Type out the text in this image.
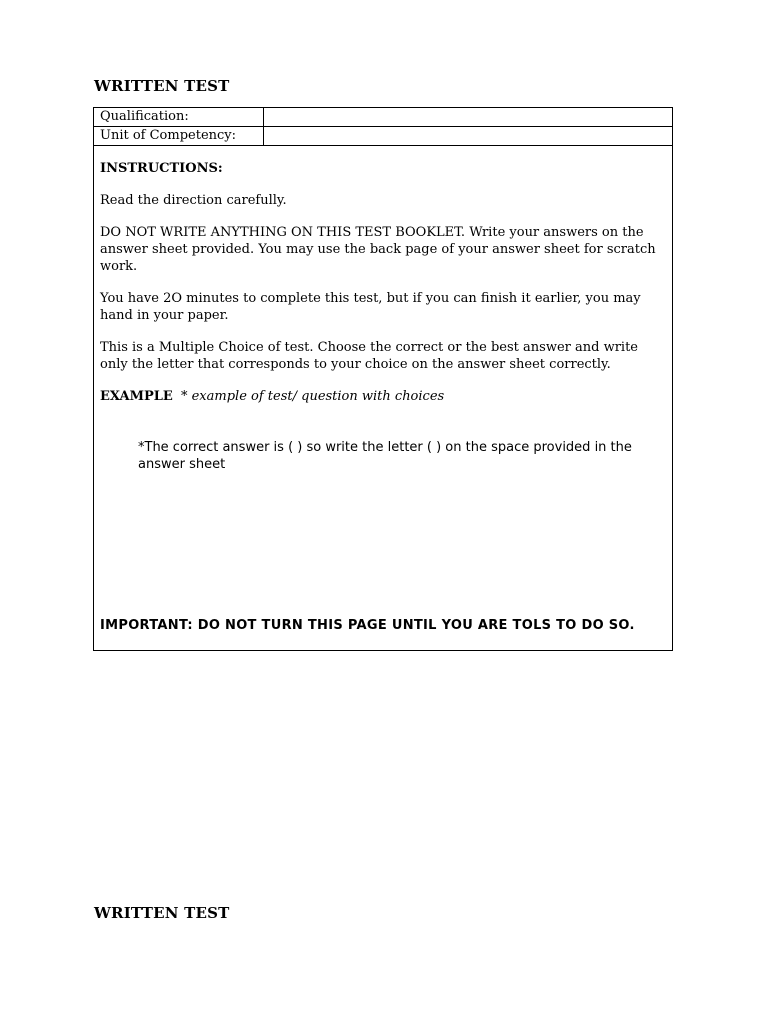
WRITTEN TEST
Qualification:
Unit of Competency:

INSTRUCTIONS:

Read the direction carefully.

DO NOT WRITE ANYTHING ON THIS TEST BOOKLET. Write your answers on the answer sheet provided. You may use the back page of your answer sheet for scratch work.

You have 2O minutes to complete this test, but if you can finish it earlier, you may hand in your paper.

This is a Multiple Choice of test. Choose the correct or the best answer and write only the letter that corresponds to your choice on the answer sheet correctly.

EXAMPLE * example of test/ question with choices

*The correct answer is ( ) so write the letter ( ) on the space provided in the answer sheet
IMPORTANT: DO NOT TURN THIS PAGE UNTIL YOU ARE TOLS TO DO SO.
WRITTEN TEST
